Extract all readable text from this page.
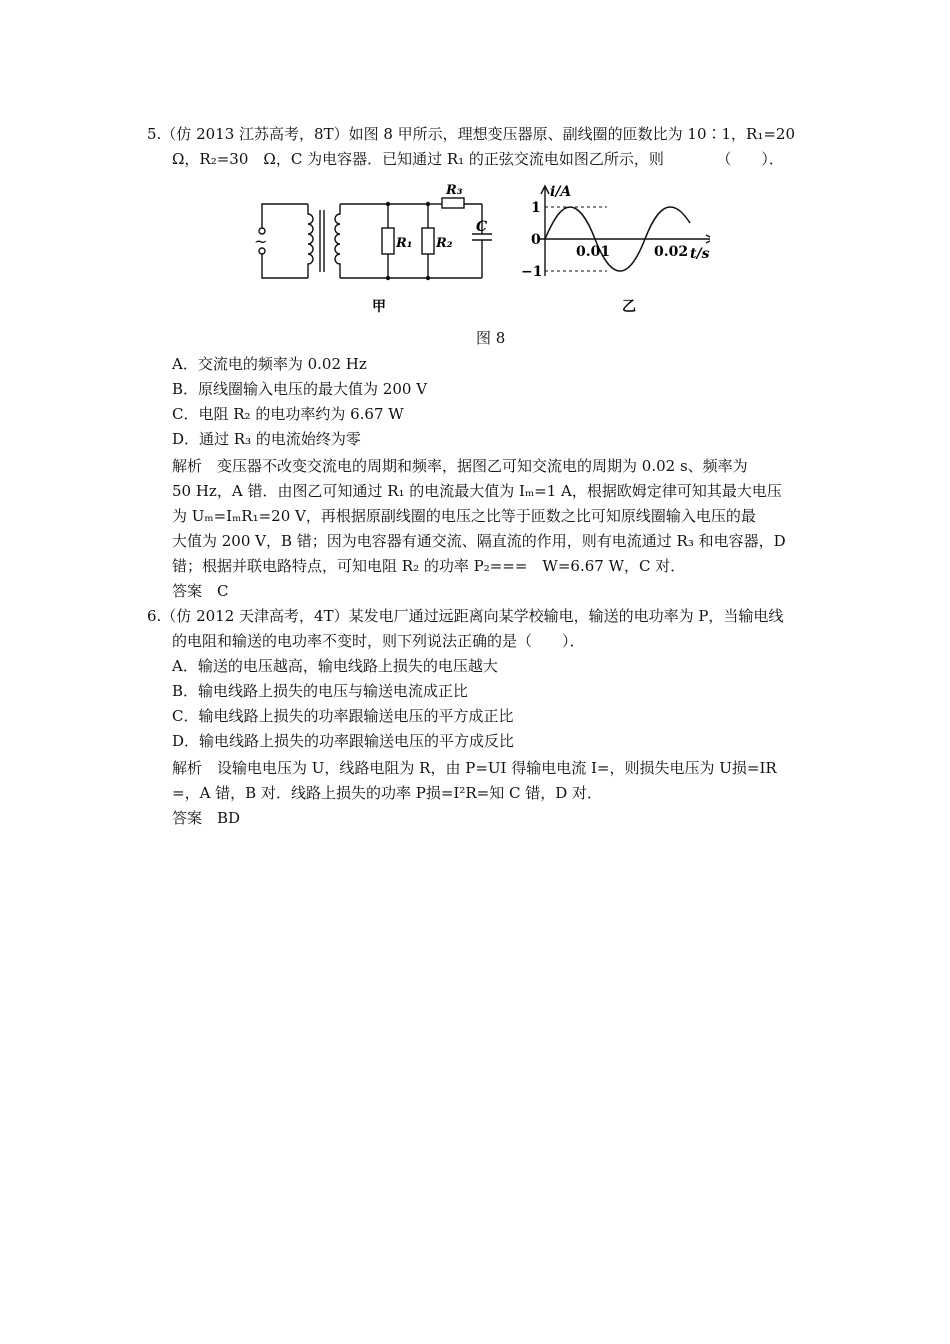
5.（仿 2013 江苏高考，8T）如图 8 甲所示，理想变压器原、副线圈的匝数比为 10∶1，R₁=20
Ω，R₂=30　Ω，C 为电容器．已知通过 R₁ 的正弦交流电如图乙所示，则　　　　（　　）．
~
R₃
R₁ R₂
C
甲
i/A
1
0
−1
0.01	0.02 t/s
乙
图 8
A．交流电的频率为 0.02 Hz
B．原线圈输入电压的最大值为 200 V
C．电阻 R₂ 的电功率约为 6.67 W
D．通过 R₃ 的电流始终为零
解析　变压器不改变交流电的周期和频率，据图乙可知交流电的周期为 0.02 s、频率为
50 Hz，A 错．由图乙可知通过 R₁ 的电流最大值为 Iₘ=1 A，根据欧姆定律可知其最大电压
为 Uₘ=IₘR₁=20 V，再根据原副线圈的电压之比等于匝数之比可知原线圈输入电压的最
大值为 200 V，B 错；因为电容器有通交流、隔直流的作用，则有电流通过 R₃ 和电容器，D
错；根据并联电路特点，可知电阻 R₂ 的功率 P₂===　W=6.67 W，C 对．
答案　C
6.（仿 2012 天津高考，4T）某发电厂通过远距离向某学校输电，输送的电功率为 P，当输电线
的电阻和输送的电功率不变时，则下列说法正确的是（　　）．
A．输送的电压越高，输电线路上损失的电压越大
B．输电线路上损失的电压与输送电流成正比
C．输电线路上损失的功率跟输送电压的平方成正比
D．输电线路上损失的功率跟输送电压的平方成反比
解析　设输电电压为 U，线路电阻为 R，由 P=UI 得输电电流 I=，则损失电压为 U损=IR
=，A 错，B 对．线路上损失的功率 P损=I²R=知 C 错，D 对．
答案　BD
